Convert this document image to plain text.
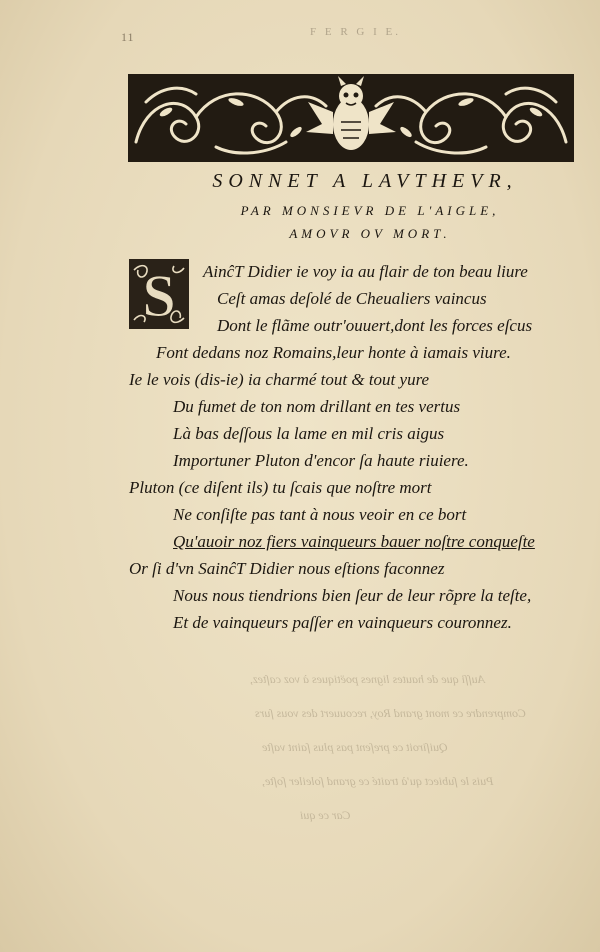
11	F E R G I E.
SONNET A LAVTHEVR,
PAR MONSIEVR DE L'AIGLE,
AMOVR OV MORT.
S AinĉΤ Didier ie voy ia au flair de ton beau liure
Ceſt amas deſolé de Cheualiers vaincus
Dont le flãme outr'ouuert,dont les forces eſcus
Font dedans noz Romains,leur honte à iamais viure.
Ie le vois (dis-ie) ia charmé tout & tout yure
Du fumet de ton nom drillant en tes vertus
Là bas deſſous la lame en mil cris aigus
Importuner Pluton d'encor ſa haute riuiere.
Pluton (ce diſent ils) tu ſcais que noſtre mort
Ne conſiſte pas tant à nous veoir en ce bort
Qu'auoir noz fiers vainqueurs bauer noſtre conqueſte
Or ſi d'vn SainĉΤ Didier nous eſtions faconnez
Nous nous tiendrions bien ſeur de leur rõpre la teſte,
Et de vainqueurs paſſer en vainqueurs couronnez.
Auſſi que de hautes lignes poëtiques à voz caſtez,
Comprendre ce mont grand Roy, recouuert des vous ſurs
Quiſiroit ce preſent pas plus ſaint vaſte
Puis le ſubiect qu'à traité ce grand ſoleiler ſoſte,
Car ce qui
